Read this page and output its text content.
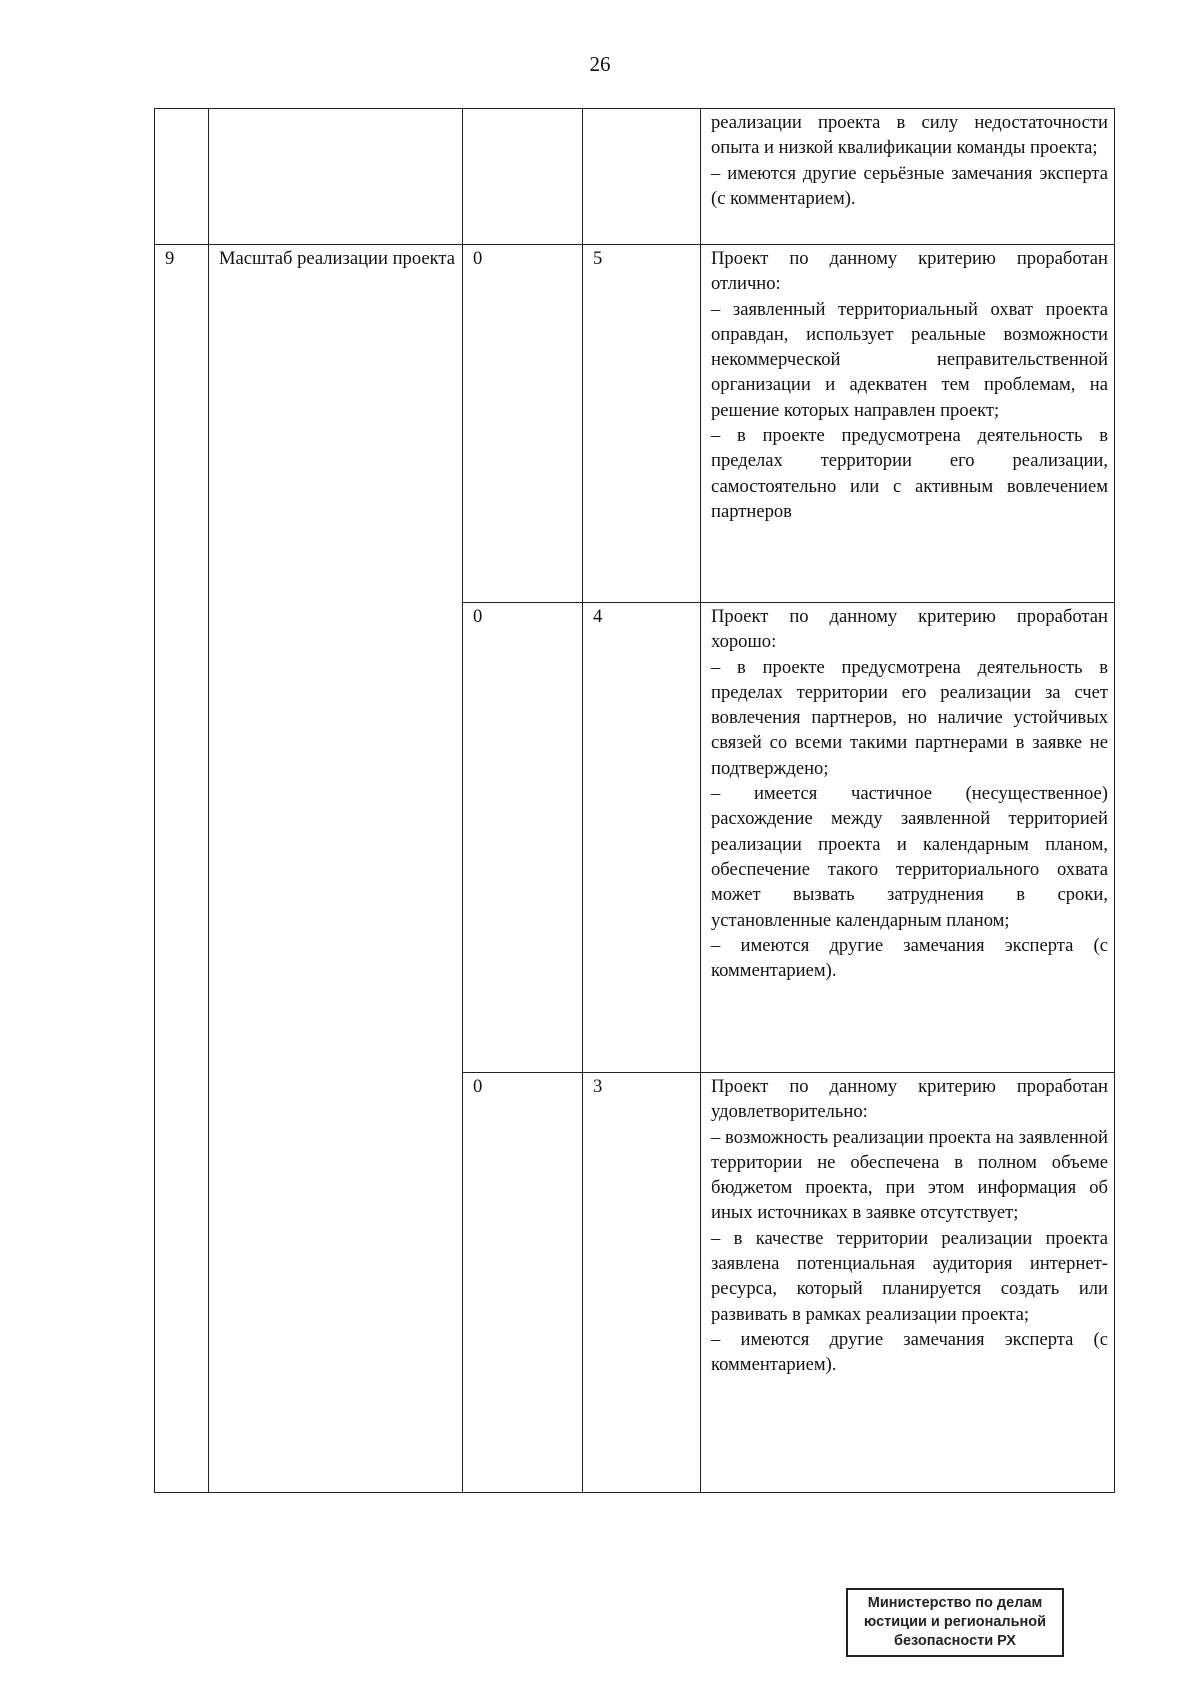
26

				реализации проекта в силу недостаточности опыта и низкой квалификации команды проекта;
– имеются другие серьёзные замечания эксперта (с комментарием).

9	Масштаб реализации проекта	0	5	Проект по данному критерию проработан отлично:
– заявленный территориальный охват проекта оправдан, использует реальные возможности некоммерческой неправительственной организации и адекватен тем проблемам, на решение которых направлен проект;
– в проекте предусмотрена деятельность в пределах территории его реализации, самостоятельно или с активным вовлечением партнеров

		0	4	Проект по данному критерию проработан хорошо:
– в проекте предусмотрена деятельность в пределах территории его реализации за счет вовлечения партнеров, но наличие устойчивых связей со всеми такими партнерами в заявке не подтверждено;
– имеется частичное (несущественное) расхождение между заявленной территорией реализации проекта и календарным планом, обеспечение такого территориального охвата может вызвать затруднения в сроки, установленные календарным планом;
– имеются другие замечания эксперта (с комментарием).

		0	3	Проект по данному критерию проработан удовлетворительно:
– возможность реализации проекта на заявленной территории не обеспечена в полном объеме бюджетом проекта, при этом информация об иных источниках в заявке отсутствует;
– в качестве территории реализации проекта заявлена потенциальная аудитория интернет-ресурса, который планируется создать или развивать в рамках реализации проекта;
– имеются другие замечания эксперта (с комментарием).
Министерство по делам
юстиции и региональной
безопасности РХ
